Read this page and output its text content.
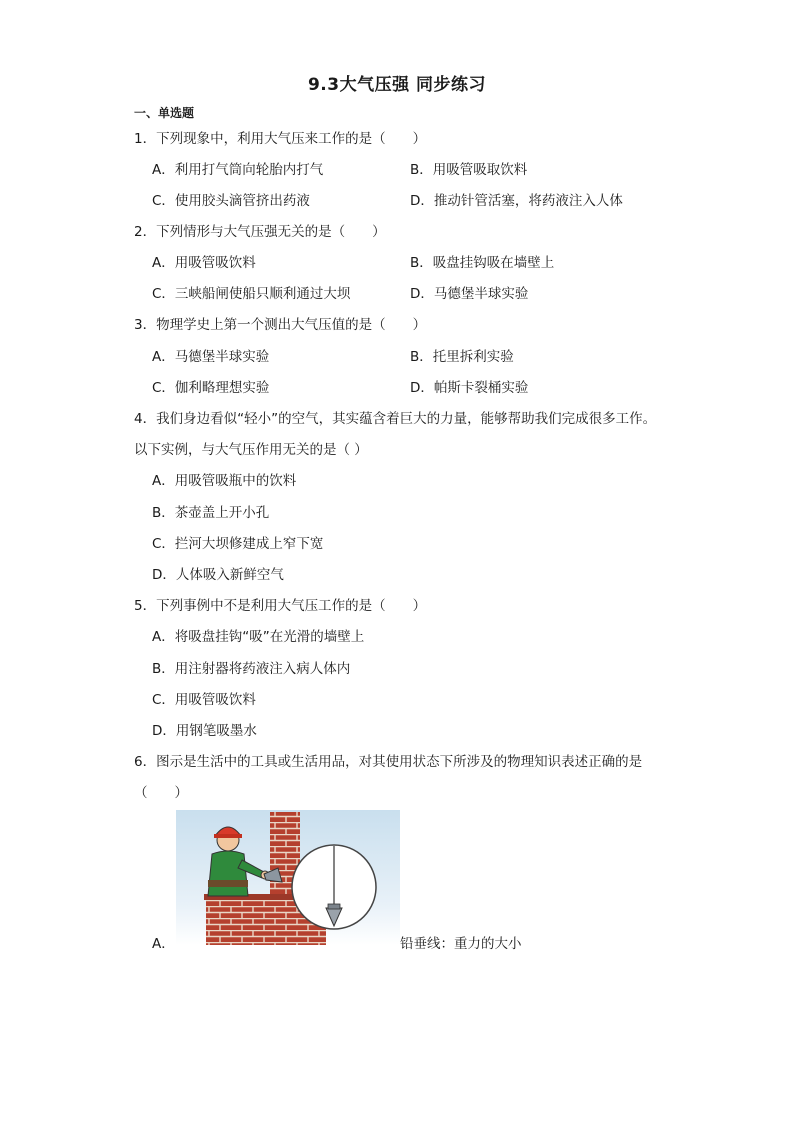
9.3大气压强 同步练习
一、单选题
1．下列现象中，利用大气压来工作的是（　　）
A．利用打气筒向轮胎内打气	B．用吸管吸取饮料
C．使用胶头滴管挤出药液	D．推动针管活塞，将药液注入人体
2．下列情形与大气压强无关的是（　　）
A．用吸管吸饮料	B．吸盘挂钩吸在墙壁上
C．三峡船闸使船只顺利通过大坝	D．马德堡半球实验
3．物理学史上第一个测出大气压值的是（　　）
A．马德堡半球实验	B．托里拆利实验
C．伽利略理想实验	D．帕斯卡裂桶实验
4．我们身边看似“轻小”的空气，其实蕴含着巨大的力量，能够帮助我们完成很多工作。
以下实例，与大气压作用无关的是（ ）
A．用吸管吸瓶中的饮料
B．茶壶盖上开小孔
C．拦河大坝修建成上窄下宽
D．人体吸入新鲜空气
5．下列事例中不是利用大气压工作的是（　　）
A．将吸盘挂钩“吸”在光滑的墙壁上
B．用注射器将药液注入病人体内
C．用吸管吸饮料
D．用钢笔吸墨水
6．图示是生活中的工具或生活用品，对其使用状态下所涉及的物理知识表述正确的是
（　　）
A．	铅垂线：重力的大小
